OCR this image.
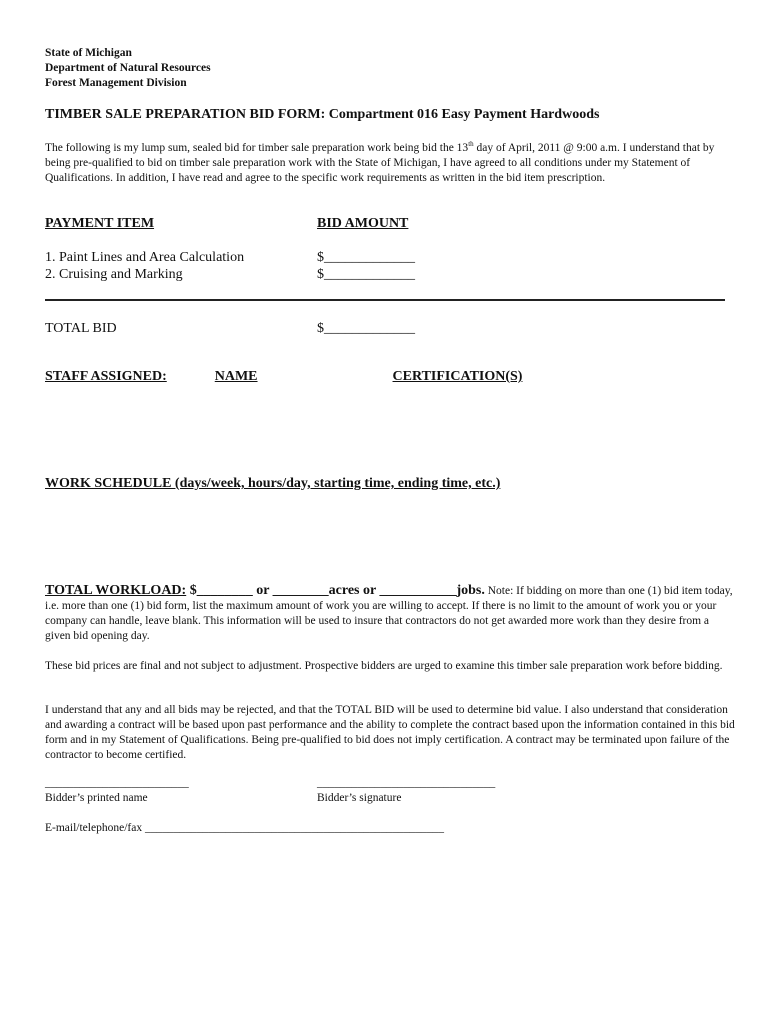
State of Michigan
Department of Natural Resources
Forest Management Division
TIMBER SALE PREPARATION BID FORM: Compartment 016 Easy Payment Hardwoods
The following is my lump sum, sealed bid for timber sale preparation work being bid the 13th day of April, 2011 @ 9:00 a.m. I understand that by being pre-qualified to bid on timber sale preparation work with the State of Michigan, I have agreed to all conditions under my Statement of Qualifications. In addition, I have read and agree to the specific work requirements as written in the bid item prescription.
PAYMENT ITEM	BID AMOUNT
1. Paint Lines and Area Calculation	$_____________
2. Cruising and Marking	$_____________
TOTAL BID	$_____________
STAFF ASSIGNED:	NAME	CERTIFICATION(S)
WORK SCHEDULE (days/week, hours/day, starting time, ending time, etc.)
TOTAL WORKLOAD: $________ or ________acres or ___________jobs. Note: If bidding on more than one (1) bid item today, i.e. more than one (1) bid form, list the maximum amount of work you are willing to accept. If there is no limit to the amount of work you or your company can handle, leave blank. This information will be used to insure that contractors do not get awarded more work than they desire from a given bid opening day.
These bid prices are final and not subject to adjustment. Prospective bidders are urged to examine this timber sale preparation work before bidding.
I understand that any and all bids may be rejected, and that the TOTAL BID will be used to determine bid value. I also understand that consideration and awarding a contract will be based upon past performance and the ability to complete the contract based upon the information contained in this bid form and in my Statement of Qualifications. Being pre-qualified to bid does not imply certification. A contract may be terminated upon failure of the contractor to become certified.
_________________________
Bidder’s printed name
_______________________________
Bidder’s signature
E-mail/telephone/fax ____________________________________________________
